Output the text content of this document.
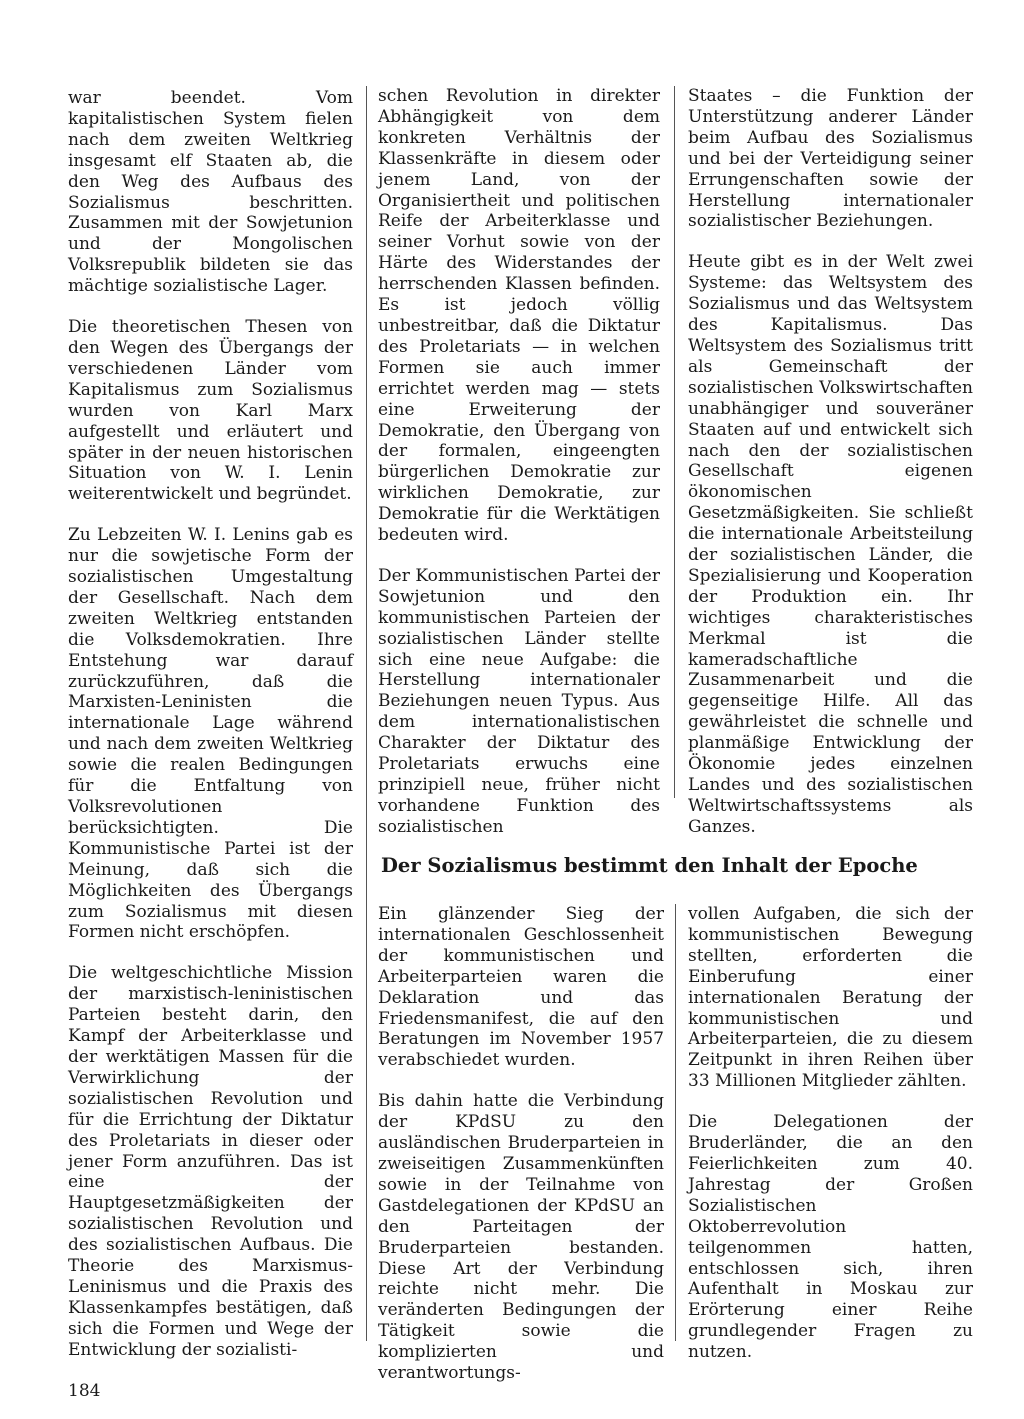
war beendet. Vom kapitalistischen System fielen nach dem zweiten Weltkrieg insgesamt elf Staaten ab, die den Weg des Aufbaus des Sozialismus beschritten. Zusammen mit der Sowjetunion und der Mongolischen Volksrepublik bildeten sie das mächtige sozialistische Lager.

Die theoretischen Thesen von den Wegen des Übergangs der verschiedenen Länder vom Kapitalismus zum Sozialismus wurden von Karl Marx aufgestellt und erläutert und später in der neuen historischen Situation von W. I. Lenin weiterentwickelt und begründet.

Zu Lebzeiten W. I. Lenins gab es nur die sowjetische Form der sozialistischen Umgestaltung der Gesellschaft. Nach dem zweiten Weltkrieg entstanden die Volksdemokratien. Ihre Entstehung war darauf zurückzuführen, daß die Marxisten-Leninisten die internationale Lage während und nach dem zweiten Weltkrieg sowie die realen Bedingungen für die Entfaltung von Volksrevolutionen berücksichtigten. Die Kommunistische Partei ist der Meinung, daß sich die Möglichkeiten des Übergangs zum Sozialismus mit diesen Formen nicht erschöpfen.

Die weltgeschichtliche Mission der marxistisch-leninistischen Parteien besteht darin, den Kampf der Arbeiterklasse und der werktätigen Massen für die Verwirklichung der sozialistischen Revolution und für die Errichtung der Diktatur des Proletariats in dieser oder jener Form anzuführen. Das ist eine der Hauptgesetzmäßigkeiten der sozialistischen Revolution und des sozialistischen Aufbaus. Die Theorie des Marxismus-Leninismus und die Praxis des Klassenkampfes bestätigen, daß sich die Formen und Wege der Entwicklung der sozialisti-

schen Revolution in direkter Abhängigkeit von dem konkreten Verhältnis der Klassenkräfte in diesem oder jenem Land, von der Organisiertheit und politischen Reife der Arbeiterklasse und seiner Vorhut sowie von der Härte des Widerstandes der herrschenden Klassen befinden. Es ist jedoch völlig unbestreitbar, daß die Diktatur des Proletariats — in welchen Formen sie auch immer errichtet werden mag — stets eine Erweiterung der Demokratie, den Übergang von der formalen, eingeengten bürgerlichen Demokratie zur wirklichen Demokratie, zur Demokratie für die Werktätigen bedeuten wird.

Der Kommunistischen Partei der Sowjetunion und den kommunistischen Parteien der sozialistischen Länder stellte sich eine neue Aufgabe: die Herstellung internationaler Beziehungen neuen Typus. Aus dem internationalistischen Charakter der Diktatur des Proletariats erwuchs eine prinzipiell neue, früher nicht vorhandene Funktion des sozialistischen

Staates – die Funktion der Unterstützung anderer Länder beim Aufbau des Sozialismus und bei der Verteidigung seiner Errungenschaften sowie der Herstellung internationaler sozialistischer Beziehungen.

Heute gibt es in der Welt zwei Systeme: das Weltsystem des Sozialismus und das Weltsystem des Kapitalismus. Das Weltsystem des Sozialismus tritt als Gemeinschaft der sozialistischen Volkswirtschaften unabhängiger und souveräner Staaten auf und entwickelt sich nach den der sozialistischen Gesellschaft eigenen ökonomischen Gesetzmäßigkeiten. Sie schließt die internationale Arbeitsteilung der sozialistischen Länder, die Spezialisierung und Kooperation der Produktion ein. Ihr wichtiges charakteristisches Merkmal ist die kameradschaftliche Zusammenarbeit und die gegenseitige Hilfe. All das gewährleistet die schnelle und planmäßige Entwicklung der Ökonomie jedes einzelnen Landes und des sozialistischen Weltwirtschaftssystems als Ganzes.

Der Sozialismus bestimmt den Inhalt der Epoche

Ein glänzender Sieg der internationalen Geschlossenheit der kommunistischen und Arbeiterparteien waren die Deklaration und das Friedensmanifest, die auf den Beratungen im November 1957 verabschiedet wurden.

Bis dahin hatte die Verbindung der KPdSU zu den ausländischen Bruderparteien in zweiseitigen Zusammenkünften sowie in der Teilnahme von Gastdelegationen der KPdSU an den Parteitagen der Bruderparteien bestanden. Diese Art der Verbindung reichte nicht mehr. Die veränderten Bedingungen der Tätigkeit sowie die komplizierten und verantwortungs-

vollen Aufgaben, die sich der kommunistischen Bewegung stellten, erforderten die Einberufung einer internationalen Beratung der kommunistischen und Arbeiterparteien, die zu diesem Zeitpunkt in ihren Reihen über 33 Millionen Mitglieder zählten.

Die Delegationen der Bruderländer, die an den Feierlichkeiten zum 40. Jahrestag der Großen Sozialistischen Oktoberrevolution teilgenommen hatten, entschlossen sich, ihren Aufenthalt in Moskau zur Erörterung einer Reihe grundlegender Fragen zu nutzen.

184
